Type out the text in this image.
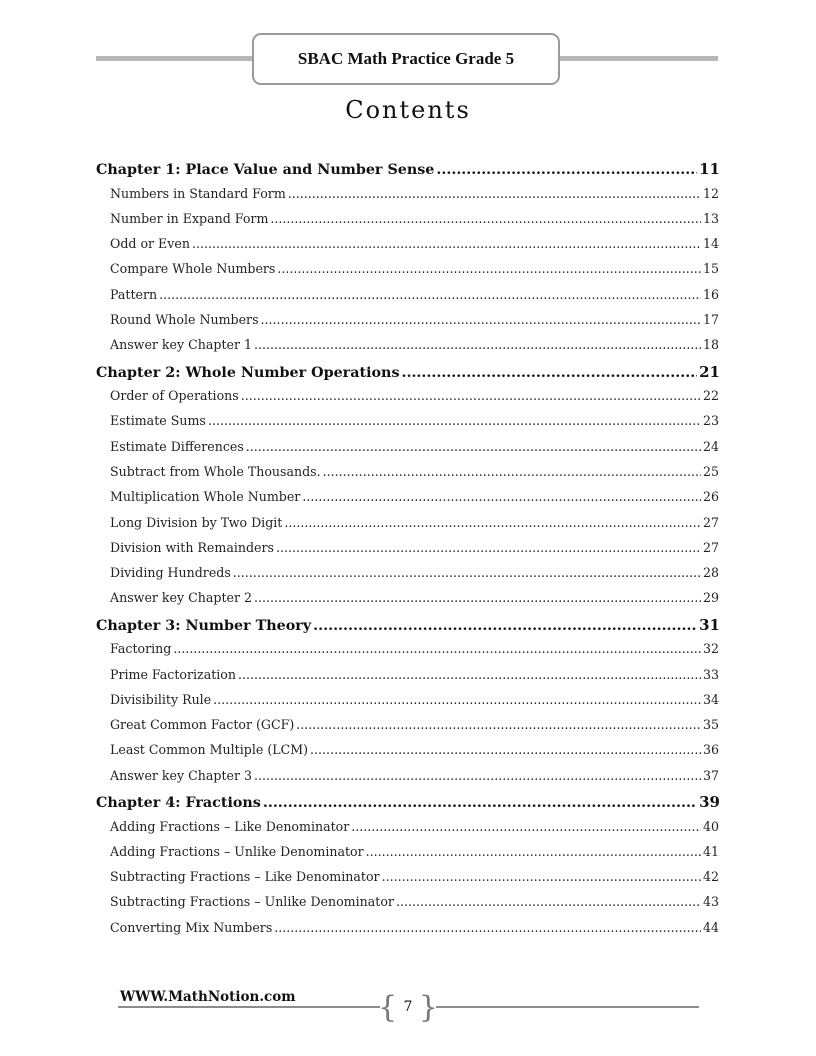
SBAC Math Practice Grade 5
Contents
Chapter 1: Place Value and Number Sense .....	11
Numbers in Standard Form .....	12
Number in Expand Form .....	13
Odd or Even .....	14
Compare Whole Numbers .....	15
Pattern .....	16
Round Whole Numbers .....	17
Answer key Chapter 1 .....	18
Chapter 2: Whole Number Operations .....	21
Order of Operations .....	22
Estimate Sums .....	23
Estimate Differences .....	24
Subtract from Whole Thousands. .....	25
Multiplication Whole Number .....	26
Long Division by Two Digit .....	27
Division with Remainders .....	27
Dividing Hundreds .....	28
Answer key Chapter 2 .....	29
Chapter 3: Number Theory .....	31
Factoring .....	32
Prime Factorization .....	33
Divisibility Rule .....	34
Great Common Factor (GCF) .....	35
Least Common Multiple (LCM) .....	36
Answer key Chapter 3 .....	37
Chapter 4: Fractions .....	39
Adding Fractions – Like Denominator .....	40
Adding Fractions – Unlike Denominator .....	41
Subtracting Fractions – Like Denominator .....	42
Subtracting Fractions – Unlike Denominator .....	43
Converting Mix Numbers .....	44
WWW.MathNotion.com	{ 7 }
